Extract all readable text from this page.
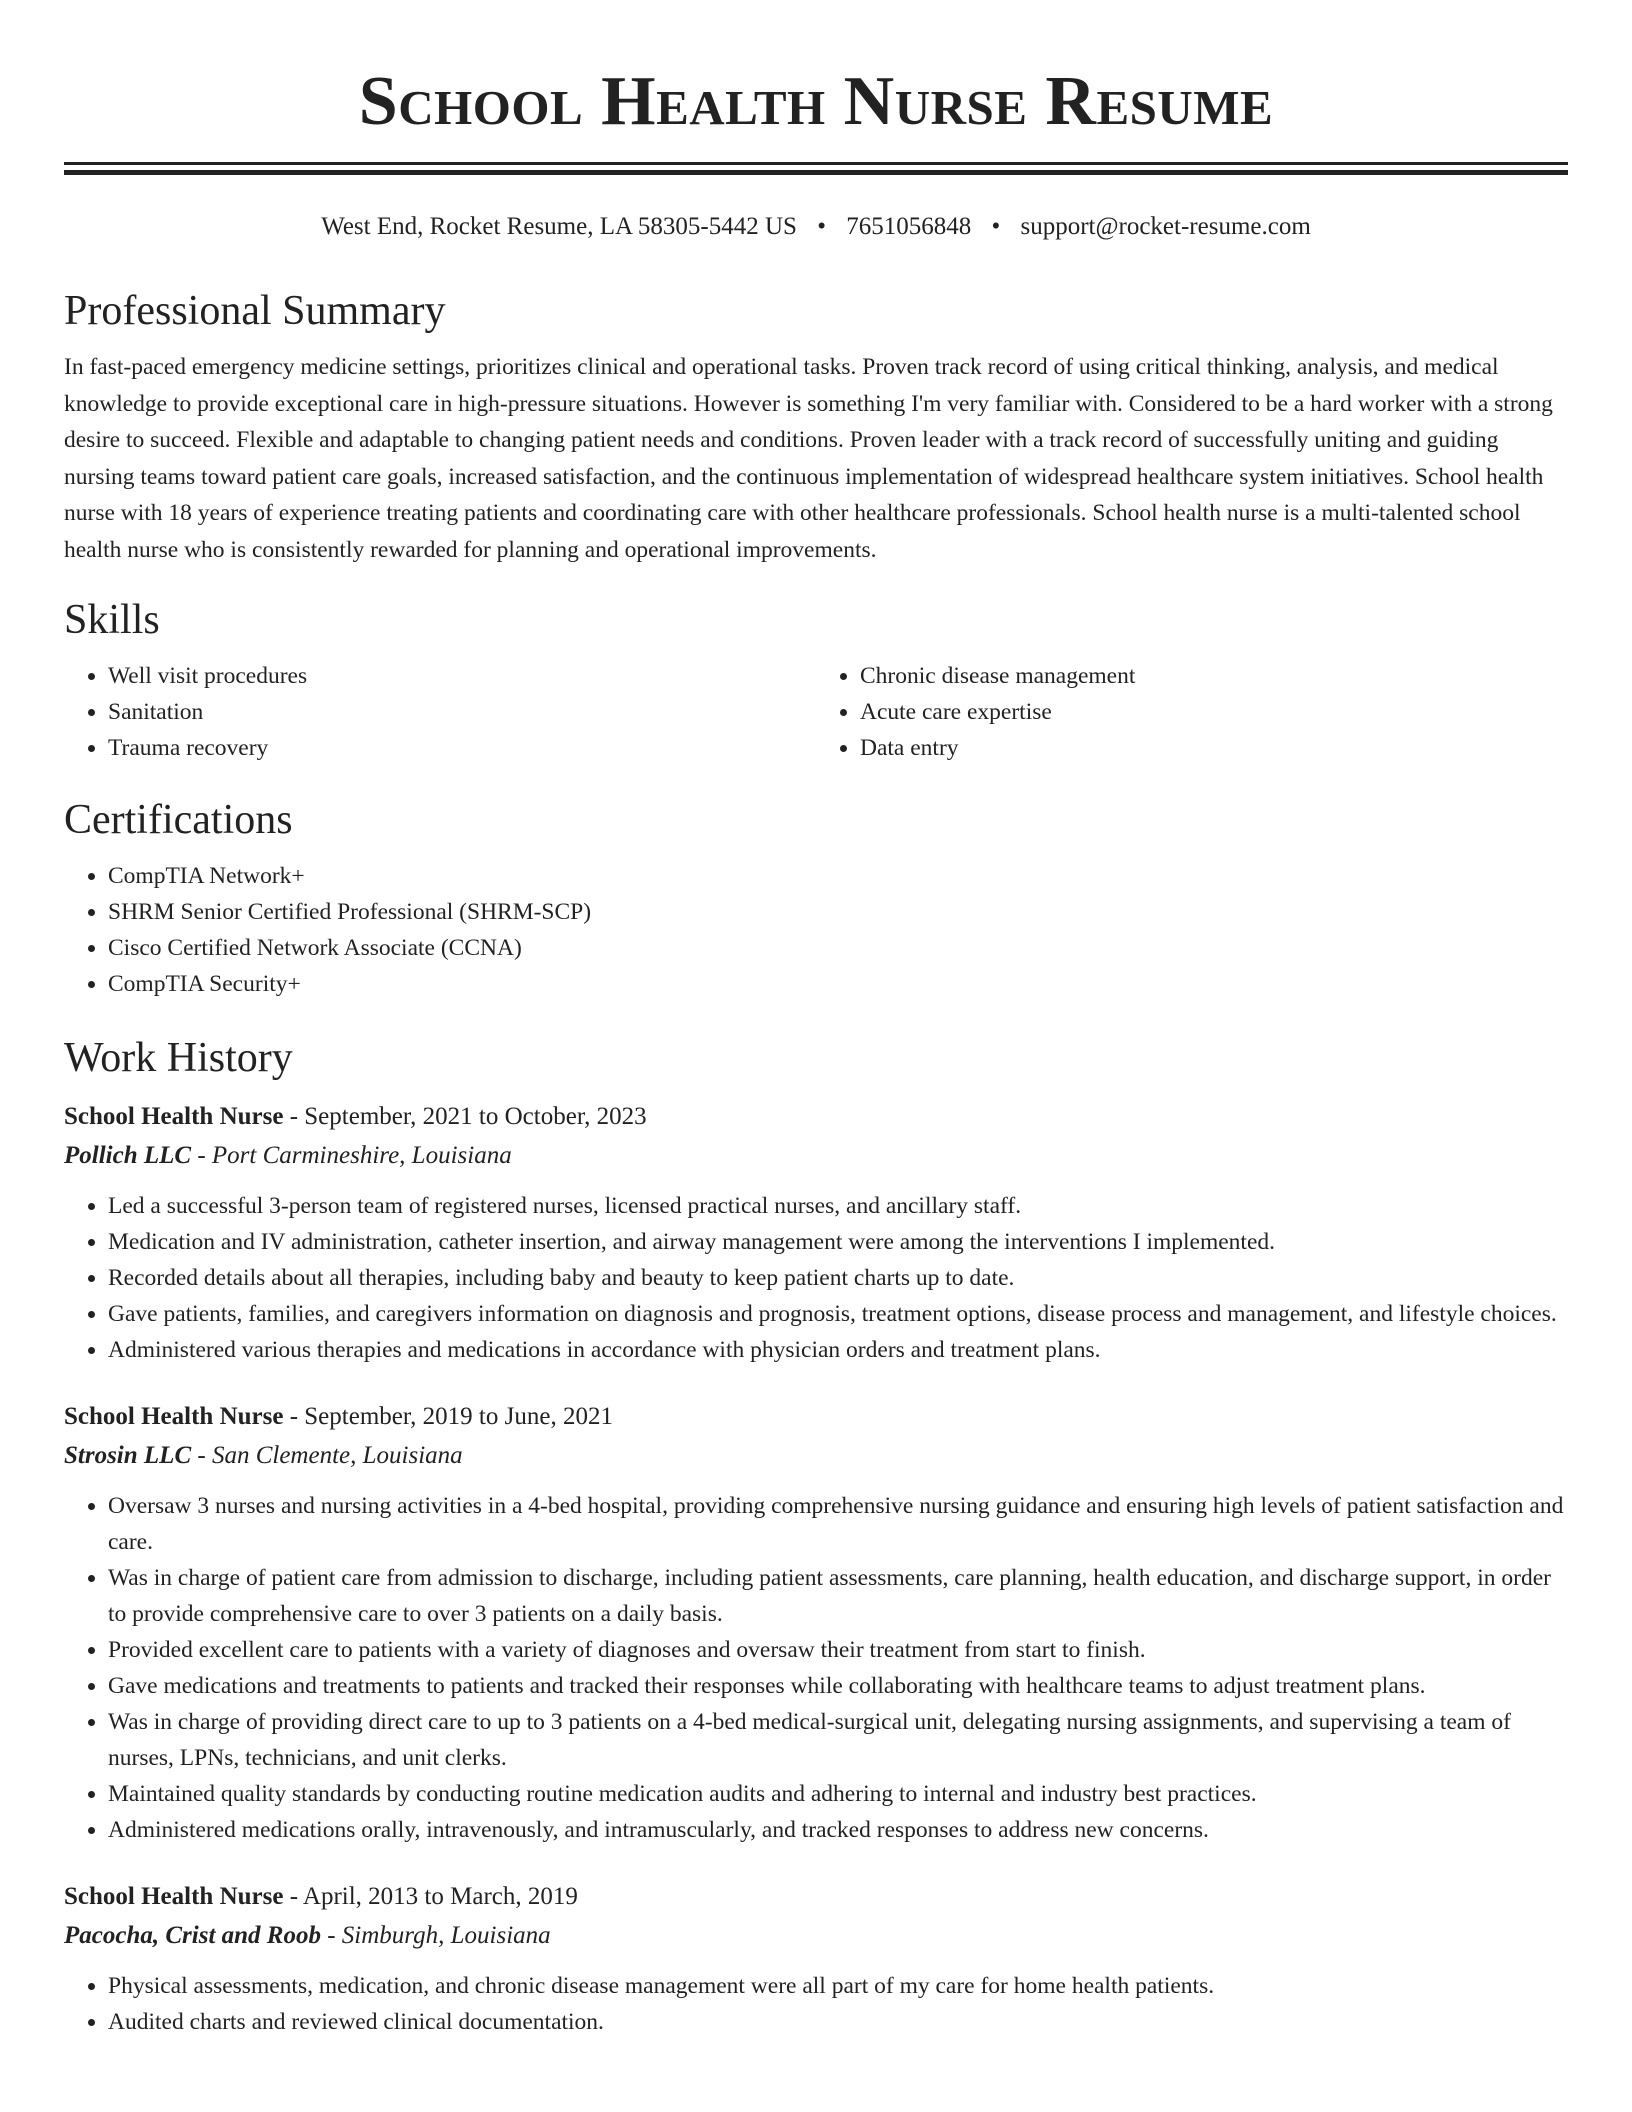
School Health Nurse Resume
West End, Rocket Resume, LA 58305-5442 US • 7651056848 • support@rocket-resume.com
Professional Summary

In fast-paced emergency medicine settings, prioritizes clinical and operational tasks. Proven track record of using critical thinking, analysis, and medical knowledge to provide exceptional care in high-pressure situations. However is something I'm very familiar with. Considered to be a hard worker with a strong desire to succeed. Flexible and adaptable to changing patient needs and conditions. Proven leader with a track record of successfully uniting and guiding nursing teams toward patient care goals, increased satisfaction, and the continuous implementation of widespread healthcare system initiatives. School health nurse with 18 years of experience treating patients and coordinating care with other healthcare professionals. School health nurse is a multi-talented school health nurse who is consistently rewarded for planning and operational improvements.

Skills
• Well visit procedures
• Sanitation
• Trauma recovery
• Chronic disease management
• Acute care expertise
• Data entry
Certifications
• CompTIA Network+
• SHRM Senior Certified Professional (SHRM-SCP)
• Cisco Certified Network Associate (CCNA)
• CompTIA Security+
Work History
School Health Nurse - September, 2021 to October, 2023
Pollich LLC - Port Carmineshire, Louisiana
• Led a successful 3-person team of registered nurses, licensed practical nurses, and ancillary staff.
• Medication and IV administration, catheter insertion, and airway management were among the interventions I implemented.
• Recorded details about all therapies, including baby and beauty to keep patient charts up to date.
• Gave patients, families, and caregivers information on diagnosis and prognosis, treatment options, disease process and management, and lifestyle choices.
• Administered various therapies and medications in accordance with physician orders and treatment plans.
School Health Nurse - September, 2019 to June, 2021
Strosin LLC - San Clemente, Louisiana
• Oversaw 3 nurses and nursing activities in a 4-bed hospital, providing comprehensive nursing guidance and ensuring high levels of patient satisfaction and care.
• Was in charge of patient care from admission to discharge, including patient assessments, care planning, health education, and discharge support, in order to provide comprehensive care to over 3 patients on a daily basis.
• Provided excellent care to patients with a variety of diagnoses and oversaw their treatment from start to finish.
• Gave medications and treatments to patients and tracked their responses while collaborating with healthcare teams to adjust treatment plans.
• Was in charge of providing direct care to up to 3 patients on a 4-bed medical-surgical unit, delegating nursing assignments, and supervising a team of nurses, LPNs, technicians, and unit clerks.
• Maintained quality standards by conducting routine medication audits and adhering to internal and industry best practices.
• Administered medications orally, intravenously, and intramuscularly, and tracked responses to address new concerns.
School Health Nurse - April, 2013 to March, 2019
Pacocha, Crist and Roob - Simburgh, Louisiana
• Physical assessments, medication, and chronic disease management were all part of my care for home health patients.
• Audited charts and reviewed clinical documentation.
